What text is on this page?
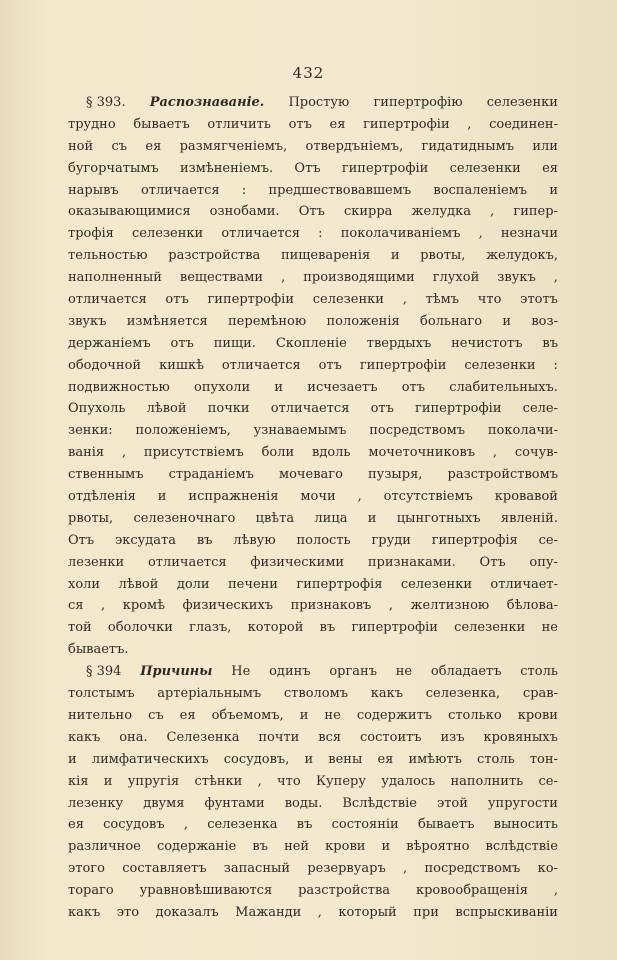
432
§ 393. Распознаванiе. Простую гипертрофiю селезенки
трудно бываетъ отличить отъ ея гипертрофiи , соединен-
ной съ ея размягченiемъ, отвердънiемъ, гидатиднымъ или
бугорчатымъ измѣненiемъ. Отъ гипертрофiи селезенки ея
нарывъ отличается : предшествовавшемъ воспаленiемъ и
оказывающимися ознобами. Отъ скирра желудка , гипер-
трофiя селезенки отличается : поколачиванiемъ , незначи
тельностью разстройства пищеваренiя и рвоты, желудокъ,
наполненный веществами , производящими глухой звукъ ,
отличается отъ гипертрофiи селезенки , тѣмъ что этотъ
звукъ измѣняется перемѣною положенiя больнаго и воз-
держанiемъ отъ пищи. Скопленiе твердыхъ нечистотъ въ
ободочной кишкѣ отличается отъ гипертрофiи селезенки :
подвижностью опухоли и исчезаетъ отъ слабительныхъ.
Опухоль лѣвой почки отличается отъ гипертрофiи селе-
зенки: положенiемъ, узнаваемымъ посредствомъ поколачи-
ванiя , присутствiемъ боли вдоль мочеточниковъ , сочув-
ственнымъ страданiемъ мочеваго пузыря, разстройствомъ
отдѣленiя и испражненiя мочи , отсутствiемъ кровавой
рвоты, селезеночнаго цвѣта лица и цынготныхъ явленiй.
Отъ экcудата въ лѣвую полость груди гипертрофiя се-
лезенки отличается физическими признаками. Отъ опу-
холи лѣвой доли печени гипертрофiя селезенки отличает-
ся , кромѣ физическихъ признаковъ , желтизною бѣловa-
той оболочки глазъ, которой въ гипертрофiи селезенки не
бываетъ.
§ 394 Причины Не одинъ органъ не обладаетъ столь
толстымъ артерiальнымъ стволомъ какъ селезенка, срав-
нительно съ ея объемомъ, и не содержитъ столько крови
какъ она. Селезенка почти вся состоитъ изъ кровяныхъ
и лимфатическихъ сосудовъ, и вены ея имѣютъ столь тон-
кiя и упругiя стѣнки , что Куперу удалось наполнить се-
лезенку двумя фунтами воды. Вслѣдствiе этой упругости
ея сосудовъ , селезенка въ состоянiи бываетъ выносить
различное содержанiе въ ней крови и вѣроятно вслѣдствiе
этого составляетъ запасный резервуаръ , посредствомъ ко-
тораго уравновѣшиваются разстройства кровообращенiя ,
какъ это доказалъ Мажанди , который при вспрыскиванiи
